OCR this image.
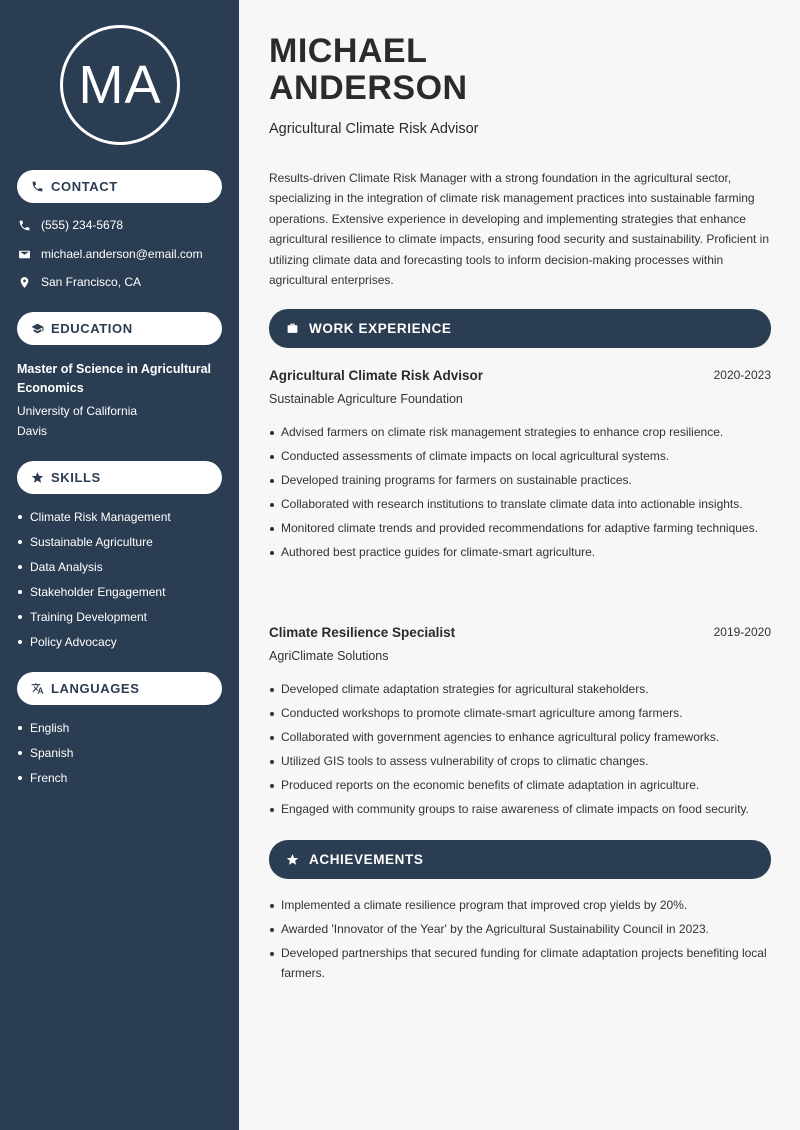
MA
CONTACT
(555) 234-5678
michael.anderson@email.com
San Francisco, CA
EDUCATION
Master of Science in Agricultural Economics
University of California
Davis
SKILLS
Climate Risk Management
Sustainable Agriculture
Data Analysis
Stakeholder Engagement
Training Development
Policy Advocacy
LANGUAGES
English
Spanish
French
MICHAEL
ANDERSON
Agricultural Climate Risk Advisor

Results-driven Climate Risk Manager with a strong foundation in the agricultural sector, specializing in the integration of climate risk management practices into sustainable farming operations. Extensive experience in developing and implementing strategies that enhance agricultural resilience to climate impacts, ensuring food security and sustainability. Proficient in utilizing climate data and forecasting tools to inform decision-making processes within agricultural enterprises.

WORK EXPERIENCE
Agricultural Climate Risk Advisor	2020-2023
Sustainable Agriculture Foundation
Advised farmers on climate risk management strategies to enhance crop resilience.
Conducted assessments of climate impacts on local agricultural systems.
Developed training programs for farmers on sustainable practices.
Collaborated with research institutions to translate climate data into actionable insights.
Monitored climate trends and provided recommendations for adaptive farming techniques.
Authored best practice guides for climate-smart agriculture.
Climate Resilience Specialist	2019-2020
AgriClimate Solutions
Developed climate adaptation strategies for agricultural stakeholders.
Conducted workshops to promote climate-smart agriculture among farmers.
Collaborated with government agencies to enhance agricultural policy frameworks.
Utilized GIS tools to assess vulnerability of crops to climatic changes.
Produced reports on the economic benefits of climate adaptation in agriculture.
Engaged with community groups to raise awareness of climate impacts on food security.
ACHIEVEMENTS
Implemented a climate resilience program that improved crop yields by 20%.
Awarded 'Innovator of the Year' by the Agricultural Sustainability Council in 2023.
Developed partnerships that secured funding for climate adaptation projects benefiting local farmers.
